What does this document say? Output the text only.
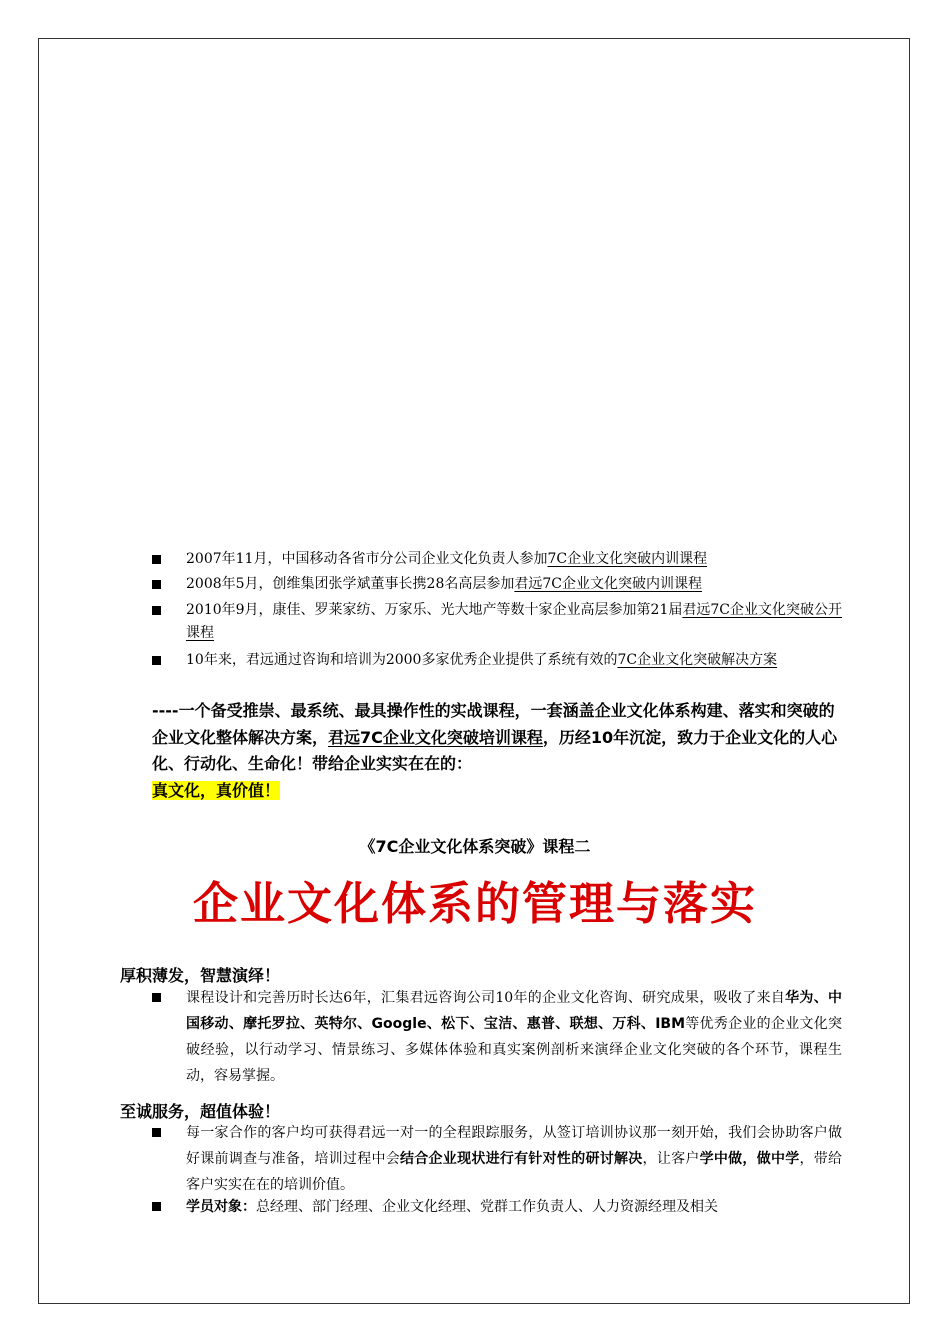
2007年11月，中国移动各省市分公司企业文化负责人参加7C企业文化突破内训课程
2008年5月，创维集团张学斌董事长携28名高层参加君远7C企业文化突破内训课程
2010年9月，康佳、罗莱家纺、万家乐、光大地产等数十家企业高层参加第21届君远7C企业文化突破公开课程
10年来，君远通过咨询和培训为2000多家优秀企业提供了系统有效的7C企业文化突破解决方案
----一个备受推崇、最系统、最具操作性的实战课程，一套涵盖企业文化体系构建、落实和突破的企业文化整体解决方案，君远7C企业文化突破培训课程，历经10年沉淀，致力于企业文化的人心化、行动化、生命化！带给企业实实在在的：
真文化，真价值！
《7C企业文化体系突破》课程二
企业文化体系的管理与落实
厚积薄发，智慧演绎！
课程设计和完善历时长达6年，汇集君远咨询公司10年的企业文化咨询、研究成果，吸收了来自华为、中国移动、摩托罗拉、英特尔、Google、松下、宝洁、惠普、联想、万科、IBM等优秀企业的企业文化突破经验，以行动学习、情景练习、多媒体体验和真实案例剖析来演绎企业文化突破的各个环节，课程生动，容易掌握。
至诚服务，超值体验！
每一家合作的客户均可获得君远一对一的全程跟踪服务，从签订培训协议那一刻开始，我们会协助客户做好课前调查与准备，培训过程中会结合企业现状进行有针对性的研讨解决，让客户学中做，做中学，带给客户实实在在的培训价值。
学员对象：总经理、部门经理、企业文化经理、党群工作负责人、人力资源经理及相关
